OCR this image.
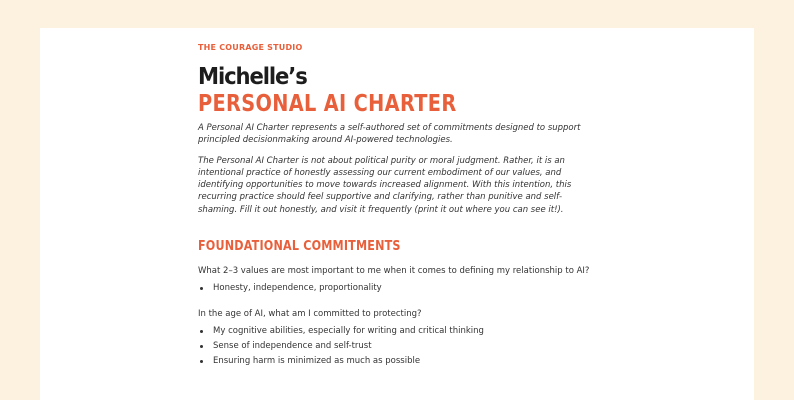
THE COURAGE STUDIO
Michelle’s
PERSONAL AI CHARTER

A Personal AI Charter represents a self-authored set of commitments designed to support principled decisionmaking around AI-powered technologies.

The Personal AI Charter is not about political purity or moral judgment. Rather, it is an intentional practice of honestly assessing our current embodiment of our values, and identifying opportunities to move towards increased alignment. With this intention, this recurring practice should feel supportive and clarifying, rather than punitive and self-shaming. Fill it out honestly, and visit it frequently (print it out where you can see it!).

FOUNDATIONAL COMMITMENTS

What 2–3 values are most important to me when it comes to defining my relationship to AI?

Honesty, independence, proportionality

In the age of AI, what am I committed to protecting?

My cognitive abilities, especially for writing and critical thinking
Sense of independence and self-trust
Ensuring harm is minimized as much as possible
